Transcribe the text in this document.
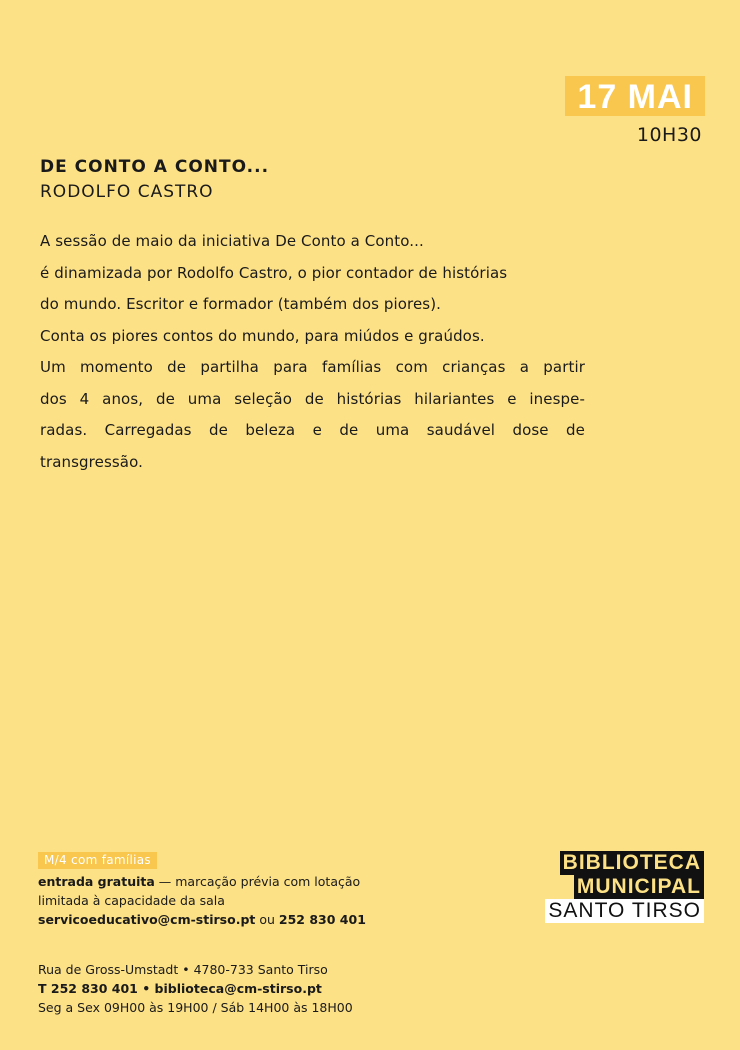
17 MAI
10H30
DE CONTO A CONTO...
RODOLFO CASTRO
A sessão de maio da iniciativa De Conto a Conto...
é dinamizada por Rodolfo Castro, o pior contador de histórias
do mundo. Escritor e formador (também dos piores).
Conta os piores contos do mundo, para miúdos e graúdos.
Um momento de partilha para famílias com crianças a partir
dos 4 anos, de uma seleção de histórias hilariantes e inespe-
radas. Carregadas de beleza e de uma saudável dose de
transgressão.
M/4 com famílias
entrada gratuita — marcação prévia com lotação
limitada à capacidade da sala
servicoeducativo@cm-stirso.pt ou 252 830 401
Rua de Gross-Umstadt • 4780-733 Santo Tirso
T 252 830 401 • biblioteca@cm-stirso.pt
Seg a Sex 09H00 às 19H00 / Sáb 14H00 às 18H00
BIBLIOTECA
MUNICIPAL
SANTO TIRSO
